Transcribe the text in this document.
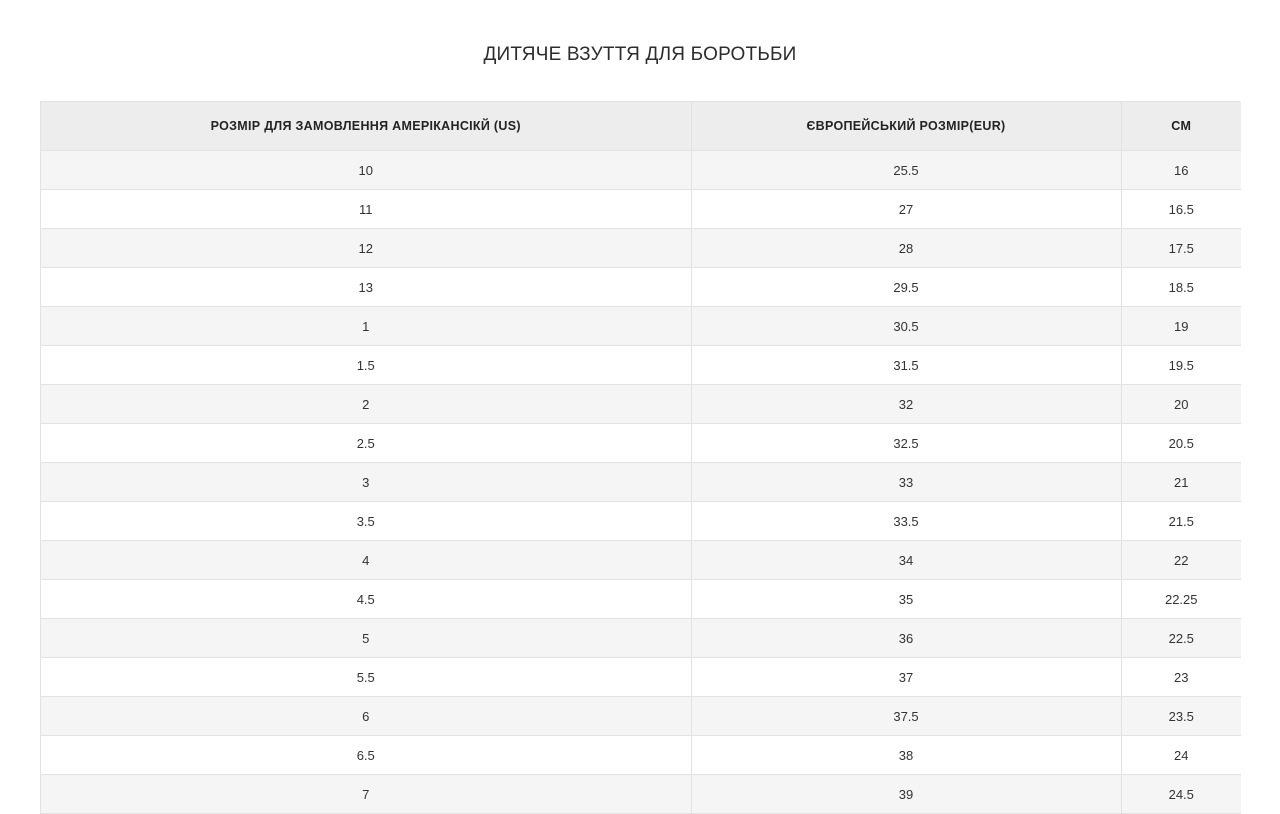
ДИТЯЧЕ ВЗУТТЯ ДЛЯ БОРОТЬБИ
РОЗМІР ДЛЯ ЗАМОВЛЕННЯ АМЕРІКАНСІКЙ (US)	ЄВРОПЕЙСЬКИЙ РОЗМІР(EUR)	CM
10	25.5	16
11	27	16.5
12	28	17.5
13	29.5	18.5
1	30.5	19
1.5	31.5	19.5
2	32	20
2.5	32.5	20.5
3	33	21
3.5	33.5	21.5
4	34	22
4.5	35	22.25
5	36	22.5
5.5	37	23
6	37.5	23.5
6.5	38	24
7	39	24.5
